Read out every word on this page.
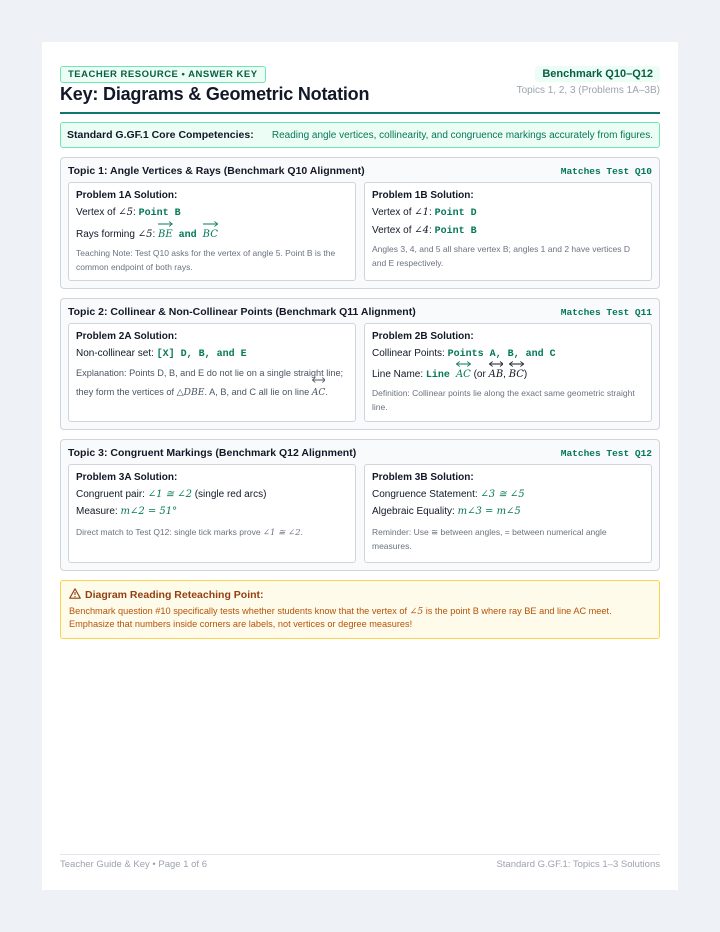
TEACHER RESOURCE • ANSWER KEY
Key: Diagrams & Geometric Notation
Benchmark Q10–Q12
Topics 1, 2, 3 (Problems 1A–3B)
Standard G.GF.1 Core Competencies: Reading angle vertices, collinearity, and congruence markings accurately from figures.
Topic 1: Angle Vertices & Rays (Benchmark Q10 Alignment)	Matches Test Q10
Problem 1A Solution:
Vertex of ∠5: Point B
Rays forming ∠5:
BE and
BC
Teaching Note: Test Q10 asks for the vertex of angle 5. Point B is the common endpoint of both rays.
Problem 1B Solution:
Vertex of ∠1: Point D
Vertex of ∠4: Point B
Angles 3, 4, and 5 all share vertex B; angles 1 and 2 have vertices D and E respectively.
Topic 2: Collinear & Non-Collinear Points (Benchmark Q11 Alignment)	Matches Test Q11
Problem 2A Solution:
Non-collinear set: [X] D, B, and E
Explanation: Points D, B, and E do not lie on a single straight line; they form the vertices of △DBE. A, B, and C all lie on line
AC.
Problem 2B Solution:
Collinear Points: Points A, B, and C
Line Name: Line
AC (or
AB,
BC)
Definition: Collinear points lie along the exact same geometric straight line.
Topic 3: Congruent Markings (Benchmark Q12 Alignment)	Matches Test Q12
Problem 3A Solution:
Congruent pair: ∠1 ≅ ∠2 (single red arcs)
Measure: m∠2 = 51°
Direct match to Test Q12: single tick marks prove ∠1 ≅ ∠2.
Problem 3B Solution:
Congruence Statement: ∠3 ≅ ∠5
Algebraic Equality: m∠3 = m∠5
Reminder: Use ≅ between angles, = between numerical angle measures.
Diagram Reading Reteaching Point:
Benchmark question #10 specifically tests whether students know that the vertex of ∠5 is the point B where ray BE and line AC meet. Emphasize that numbers inside corners are labels, not vertices or degree measures!
Teacher Guide & Key • Page 1 of 6	Standard G.GF.1: Topics 1–3 Solutions
